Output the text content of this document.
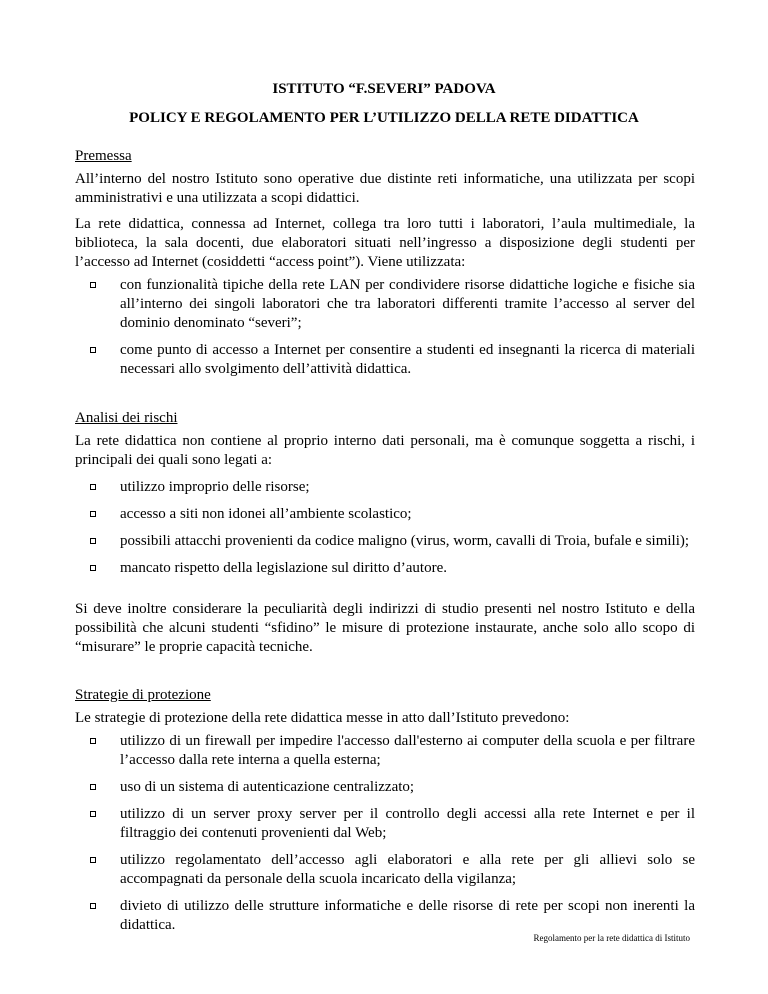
ISTITUTO “F.SEVERI” PADOVA
POLICY E REGOLAMENTO PER L’UTILIZZO DELLA RETE DIDATTICA
Premessa

All’interno del nostro Istituto sono operative due distinte reti informatiche, una utilizzata per scopi amministrativi e una utilizzata a scopi didattici.

La rete didattica, connessa ad Internet, collega tra loro tutti i laboratori, l’aula multimediale, la biblioteca, la sala docenti, due elaboratori situati nell’ingresso a disposizione degli studenti per l’accesso ad Internet (cosiddetti “access point”). Viene utilizzata:

con funzionalità tipiche della rete LAN per condividere risorse didattiche logiche e fisiche sia all’interno dei singoli laboratori che tra laboratori differenti tramite l’accesso al server del dominio denominato “severi”;
come punto di accesso a Internet per consentire a studenti ed insegnanti la ricerca di materiali necessari allo svolgimento dell’attività didattica.
Analisi dei rischi

La rete didattica non contiene al proprio interno dati personali, ma è comunque soggetta a rischi, i principali dei quali sono legati a:

utilizzo improprio delle risorse;
accesso a siti non idonei all’ambiente scolastico;
possibili attacchi provenienti da codice maligno (virus, worm, cavalli di Troia, bufale e simili);
mancato rispetto della legislazione sul diritto d’autore.

Si deve inoltre considerare la peculiarità degli indirizzi di studio presenti nel nostro Istituto e della possibilità che alcuni studenti “sfidino” le misure di protezione instaurate, anche solo allo scopo di “misurare” le proprie capacità tecniche.

Strategie di protezione

Le strategie di protezione della rete didattica messe in atto dall’Istituto prevedono:

utilizzo di un firewall per impedire l'accesso dall'esterno ai computer della scuola e per filtrare l’accesso dalla rete interna a quella esterna;
uso di un sistema di autenticazione centralizzato;
utilizzo di un server proxy server per il controllo degli accessi alla rete Internet e per il filtraggio dei contenuti provenienti dal Web;
utilizzo regolamentato dell’accesso agli elaboratori e alla rete per gli allievi solo se accompagnati da personale della scuola incaricato della vigilanza;
divieto di utilizzo delle strutture informatiche e delle risorse di rete per scopi non inerenti la didattica.
Regolamento per la rete didattica di Istituto
